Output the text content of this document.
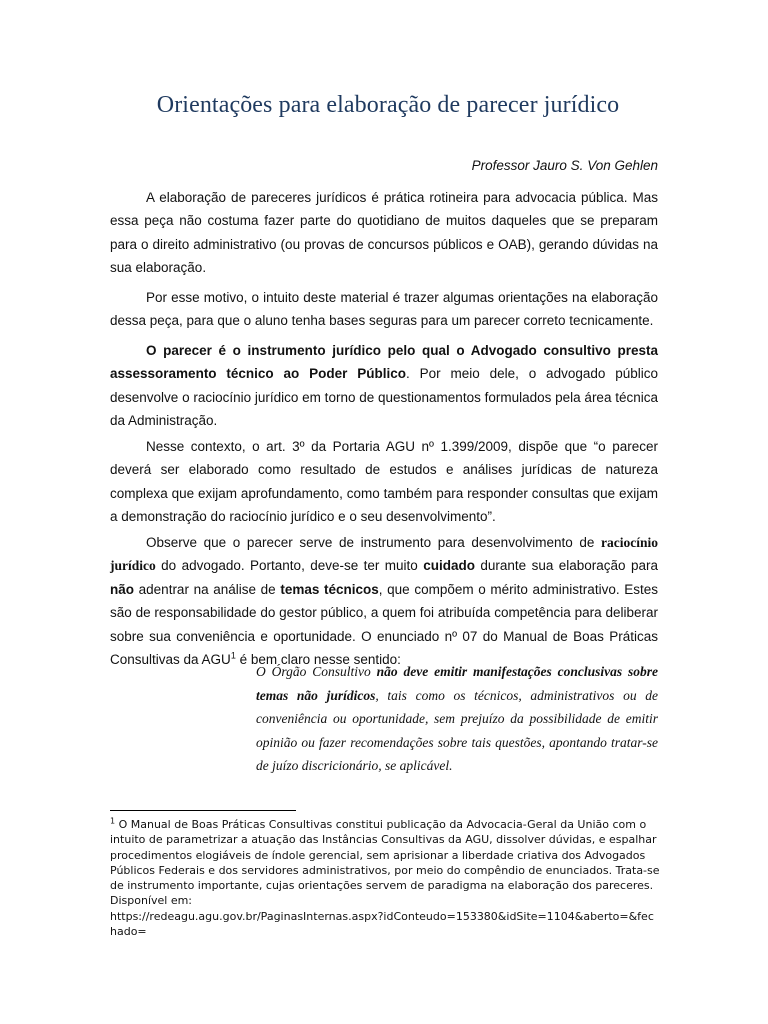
Orientações para elaboração de parecer jurídico
Professor Jauro S. Von Gehlen

A elaboração de pareceres jurídicos é prática rotineira para advocacia pública. Mas essa peça não costuma fazer parte do quotidiano de muitos daqueles que se preparam para o direito administrativo (ou provas de concursos públicos e OAB), gerando dúvidas na sua elaboração.

Por esse motivo, o intuito deste material é trazer algumas orientações na elaboração dessa peça, para que o aluno tenha bases seguras para um parecer correto tecnicamente.

O parecer é o instrumento jurídico pelo qual o Advogado consultivo presta assessoramento técnico ao Poder Público. Por meio dele, o advogado público desenvolve o raciocínio jurídico em torno de questionamentos formulados pela área técnica da Administração.

Nesse contexto, o art. 3º da Portaria AGU nº 1.399/2009, dispõe que “o parecer deverá ser elaborado como resultado de estudos e análises jurídicas de natureza complexa que exijam aprofundamento, como também para responder consultas que exijam a demonstração do raciocínio jurídico e o seu desenvolvimento”.

Observe que o parecer serve de instrumento para desenvolvimento de raciocínio jurídico do advogado. Portanto, deve-se ter muito cuidado durante sua elaboração para não adentrar na análise de temas técnicos, que compõem o mérito administrativo. Estes são de responsabilidade do gestor público, a quem foi atribuída competência para deliberar sobre sua conveniência e oportunidade. O enunciado nº 07 do Manual de Boas Práticas Consultivas da AGU$^1$ é bem claro nesse sentido:

O Órgão Consultivo não deve emitir manifestações conclusivas sobre temas não jurídicos, tais como os técnicos, administrativos ou de conveniência ou oportunidade, sem prejuízo da possibilidade de emitir opinião ou fazer recomendações sobre tais questões, apontando tratar-se de juízo discricionário, se aplicável.

$^1$ O Manual de Boas Práticas Consultivas constitui publicação da Advocacia-Geral da União com o intuito de parametrizar a atuação das Instâncias Consultivas da AGU, dissolver dúvidas, e espalhar procedimentos elogiáveis de índole gerencial, sem aprisionar a liberdade criativa dos Advogados Públicos Federais e dos servidores administrativos, por meio do compêndio de enunciados. Trata-se de instrumento importante, cujas orientações servem de paradigma na elaboração dos pareceres. Disponível em:
https://redeagu.agu.gov.br/PaginasInternas.aspx?idConteudo=153380&idSite=1104&aberto=&fechado=
